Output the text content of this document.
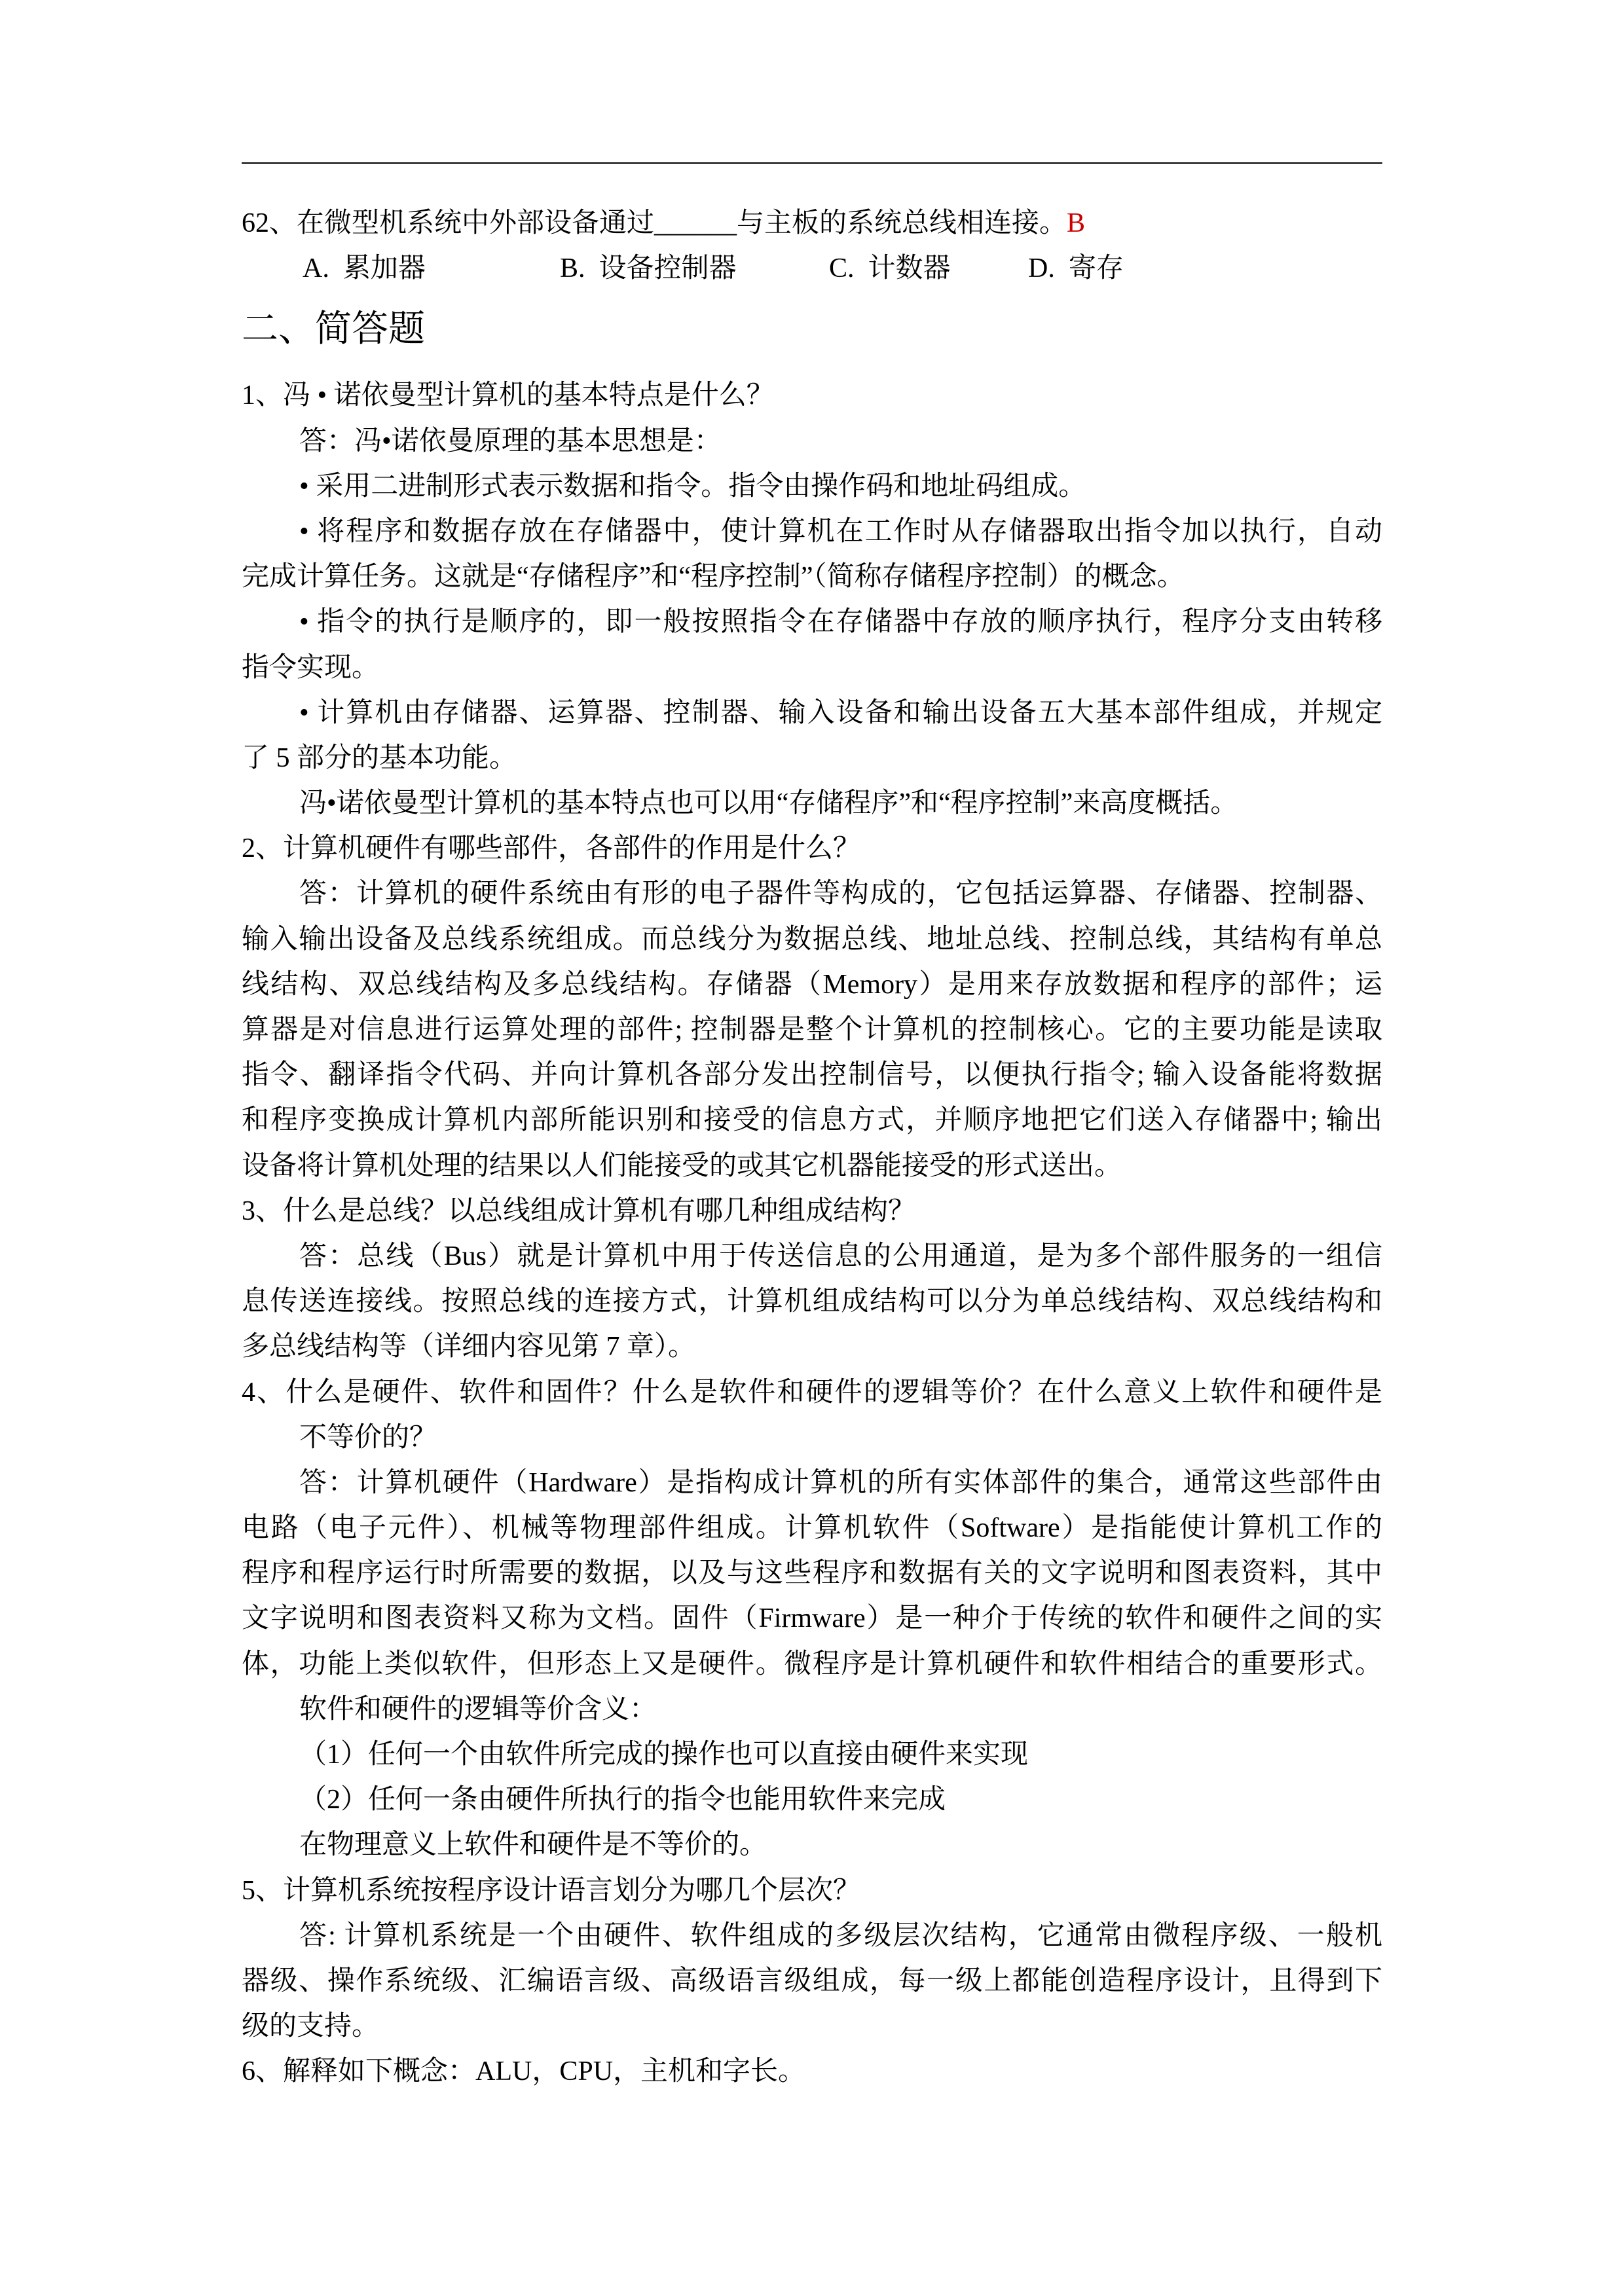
62、在微型机系统中外部设备通过______与主板的系统总线相连接。B
A.  累加器	B.  设备控制器	C.  计数器	D.  寄存
二、简答题
1、冯 • 诺依曼型计算机的基本特点是什么？
答：冯•诺依曼原理的基本思想是：
• 采用二进制形式表示数据和指令。指令由操作码和地址码组成。
• 将程序和数据存放在存储器中，使计算机在工作时从存储器取出指令加以执行，自动
完成计算任务。这就是“存储程序”和“程序控制”（简称存储程序控制）的概念。
• 指令的执行是顺序的，即一般按照指令在存储器中存放的顺序执行，程序分支由转移
指令实现。
• 计算机由存储器、运算器、控制器、输入设备和输出设备五大基本部件组成，并规定
了 5 部分的基本功能。
冯•诺依曼型计算机的基本特点也可以用“存储程序”和“程序控制”来高度概括。
2、计算机硬件有哪些部件，各部件的作用是什么？
答：计算机的硬件系统由有形的电子器件等构成的，它包括运算器、存储器、控制器、
输入输出设备及总线系统组成。而总线分为数据总线、地址总线、控制总线，其结构有单总
线结构、双总线结构及多总线结构。存储器（Memory）是用来存放数据和程序的部件；运
算器是对信息进行运算处理的部件; 控制器是整个计算机的控制核心。它的主要功能是读取
指令、翻译指令代码、并向计算机各部分发出控制信号，以便执行指令; 输入设备能将数据
和程序变换成计算机内部所能识别和接受的信息方式，并顺序地把它们送入存储器中; 输出
设备将计算机处理的结果以人们能接受的或其它机器能接受的形式送出。
3、什么是总线？以总线组成计算机有哪几种组成结构？
答：总线（Bus）就是计算机中用于传送信息的公用通道，是为多个部件服务的一组信
息传送连接线。按照总线的连接方式，计算机组成结构可以分为单总线结构、双总线结构和
多总线结构等（详细内容见第 7 章）。
4、什么是硬件、软件和固件？什么是软件和硬件的逻辑等价？在什么意义上软件和硬件是
不等价的？
答：计算机硬件（Hardware）是指构成计算机的所有实体部件的集合，通常这些部件由
电路（电子元件）、机械等物理部件组成。计算机软件（Software）是指能使计算机工作的
程序和程序运行时所需要的数据，以及与这些程序和数据有关的文字说明和图表资料，其中
文字说明和图表资料又称为文档。固件（Firmware）是一种介于传统的软件和硬件之间的实
体，功能上类似软件，但形态上又是硬件。微程序是计算机硬件和软件相结合的重要形式。
软件和硬件的逻辑等价含义：
（1）任何一个由软件所完成的操作也可以直接由硬件来实现
（2）任何一条由硬件所执行的指令也能用软件来完成
在物理意义上软件和硬件是不等价的。
5、计算机系统按程序设计语言划分为哪几个层次？
答: 计算机系统是一个由硬件、软件组成的多级层次结构，它通常由微程序级、一般机
器级、操作系统级、汇编语言级、高级语言级组成，每一级上都能创造程序设计，且得到下
级的支持。
6、解释如下概念：ALU，CPU，主机和字长。
